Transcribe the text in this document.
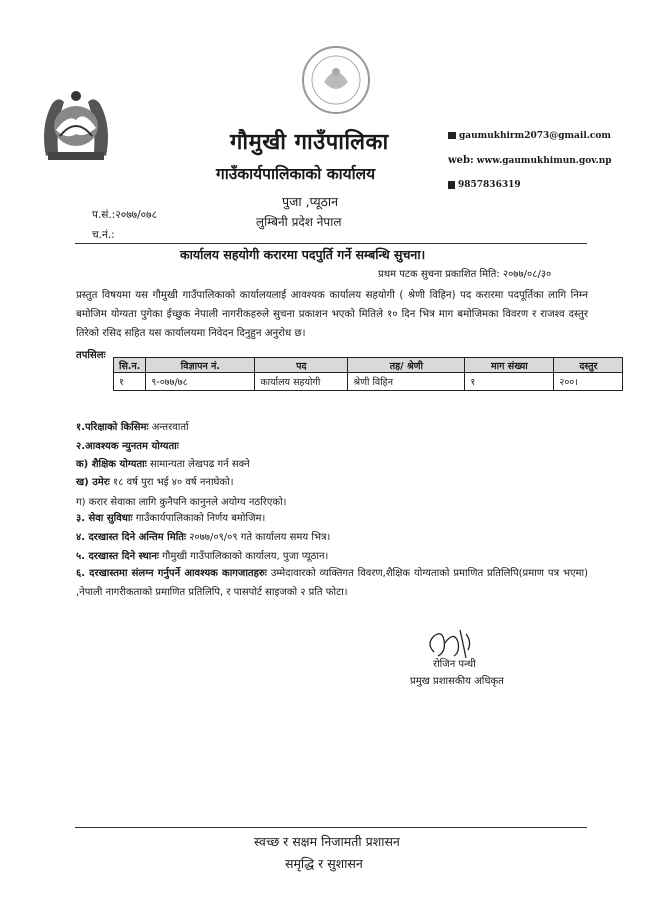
गौमुखी गाउँपालिका
गाउँकार्यपालिकाको कार्यालय
पुजा ,प्यूठान
लुम्बिनी प्रदेश नेपाल
gaumukhirm2073@gmail.com
web: www.gaumukhimun.gov.np
9857836319
प.सं.:२०७७/०७८
च.नं.:
कार्यालय सहयोगी करारमा पदपुर्ति गर्ने सम्बन्धि सुचना।
प्रथम पटक सुचना प्रकाशित मिति: २०७७/०८/३०
प्रस्तुत विषयमा यस गौमुखी गाउँपालिकाको कार्यालयलाई आवश्यक कार्यालय सहयोगी ( श्रेणी विहिन) पद करारमा पदपूर्तिका लागि निम्न बमोजिम योग्यता पुगेका ईच्छुक नेपाली नागरीकहरुले सुचना प्रकाशन भएको मितिले १० दिन भित्र माग बमोजिमका विवरण र राजश्व दस्तुर तिरेको रसिद सहित यस कार्यालयमा निवेदन दिनुहुन अनुरोध छ।
तपसिलः
सि.न.	विज्ञापन नं.	पद	तह/ श्रेणी	माग संख्या	दस्तुर
१	९-०७७/७८	कार्यालय सहयोगी	श्रेणी विहिन	१	२००।
१.परिक्षाको किसिमः अन्तरवार्ता
२.आवश्यक न्युनतम योग्यताः
क) शैक्षिक योग्यताः सामान्यता लेखपढ गर्न सक्ने
ख) उमेरः १८ वर्ष पुरा भई ४० वर्ष ननाघेको।
ग) करार सेवाका लागि कुनैपनि कानुनले अयोग्य नठरिएको।
३. सेवा सुविधाः गाउँकार्यपालिकाको निर्णय बमोजिम।
४. दरखास्त दिने अन्तिम मितिः २०७७/०९/०९ गते कार्यालय समय भित्र।
५. दरखास्त दिने स्थानः गौमुखी गाउँपालिकाको कार्यालय, पुजा प्यूठान।
६. दरखास्तमा संलग्न गर्नुपर्ने आवश्यक कागजातहरुः उम्मेदावारको व्यक्तिगत विवरण,शैक्षिक योग्यताको प्रमाणित प्रतिलिपि(प्रमाण पत्र भएमा) ,नेपाली नागरीकताको प्रमाणित प्रतिलिपि, र पासपोर्ट साइजको २ प्रति फोटा।
रोजिन पन्थी
प्रमुख प्रशासकीय अधिकृत
स्वच्छ र सक्षम निजामती प्रशासन
समृद्धि र सुशासन
